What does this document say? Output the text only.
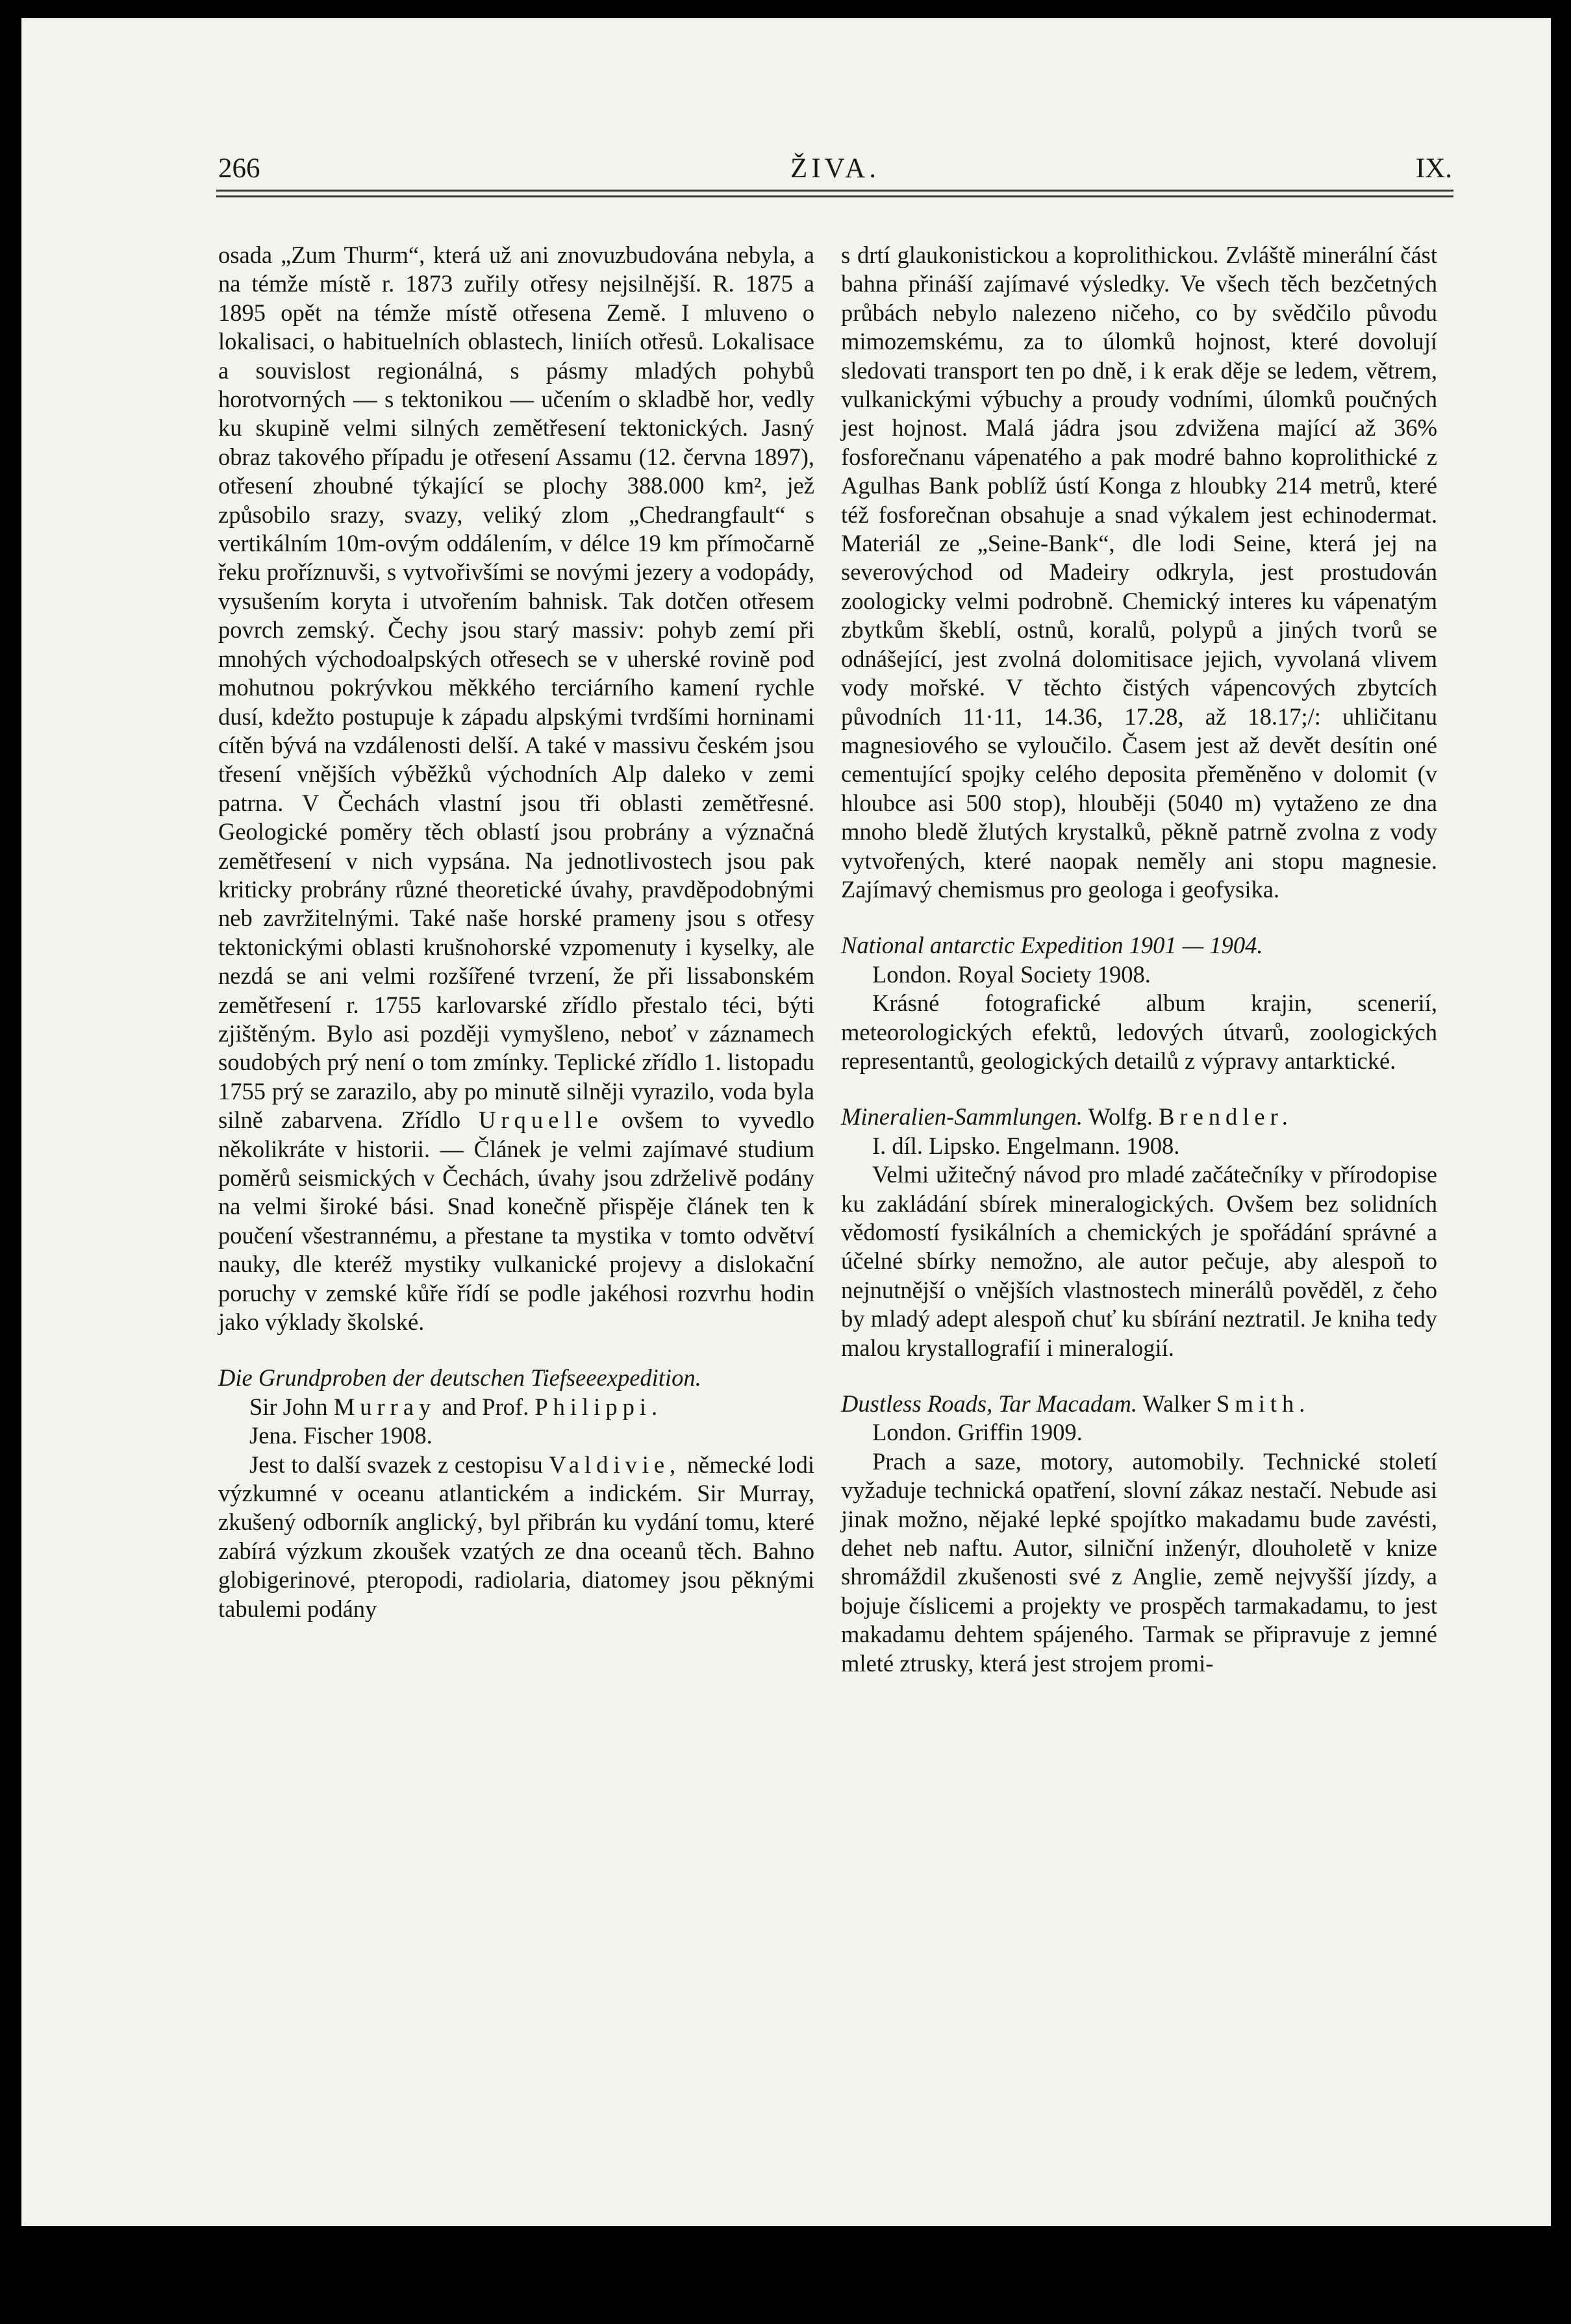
266	ŽIVA.	IX.

osada „Zum Thurm“, která už ani znovuzbudována nebyla, a na témže místě r. 1873 zuřily otřesy nejsilnější. R. 1875 a 1895 opět na témže místě otřesena Země. I mluveno o lokalisaci, o habituelních oblastech, liniích otřesů. Lokalisace a souvislost regionálná, s pásmy mladých pohybů horotvorných — s tektonikou — učením o skladbě hor, vedly ku skupině velmi silných zemětřesení tektonických. Jasný obraz takového případu je otřesení Assamu (12. června 1897), otřesení zhoubné týkající se plochy 388.000 km², jež způsobilo srazy, svazy, veliký zlom „Chedrangfault“ s vertikálním 10m-ovým oddálením, v délce 19 km přímočarně řeku proříznuvši, s vytvořivšími se novými jezery a vodopády, vysušením koryta i utvořením bahnisk. Tak dotčen otřesem povrch zemský. Čechy jsou starý massiv: pohyb zemí při mnohých východoalpských otřesech se v uherské rovině pod mohutnou pokrývkou měkkého terciárního kamení rychle dusí, kdežto postupuje k západu alpskými tvrdšími horninami cítěn bývá na vzdálenosti delší. A také v massivu českém jsou třesení vnějších výběžků východních Alp daleko v zemi patrna. V Čechách vlastní jsou tři oblasti zemětřesné. Geologické poměry těch oblastí jsou probrány a význačná zemětřesení v nich vypsána. Na jednotlivostech jsou pak kriticky probrány různé theoretické úvahy, pravděpodobnými neb zavržitelnými. Také naše horské prameny jsou s otřesy tektonickými oblasti krušnohorské vzpomenuty i kyselky, ale nezdá se ani velmi rozšířené tvrzení, že při lissabonském zemětřesení r. 1755 karlovarské zřídlo přestalo téci, býti zjištěným. Bylo asi později vymyšleno, neboť v záznamech soudobých prý není o tom zmínky. Teplické zřídlo 1. listopadu 1755 prý se zarazilo, aby po minutě silněji vyrazilo, voda byla silně zabarvena. Zřídlo Urquelle ovšem to vyvedlo několikráte v historii. — Článek je velmi zajímavé studium poměrů seismických v Čechách, úvahy jsou zdrželivě podány na velmi široké bási. Snad konečně přispěje článek ten k poučení všestrannému, a přestane ta mystika v tomto odvětví nauky, dle kteréž mystiky vulkanické projevy a dislokační poruchy v zemské kůře řídí se podle jakéhosi rozvrhu hodin jako výklady školské.

Die Grundproben der deutschen Tiefseeexpedition.

Sir John Murray and Prof. Philippi.

Jena. Fischer 1908.

Jest to další svazek z cestopisu Valdivie, německé lodi výzkumné v oceanu atlantickém a indickém. Sir Murray, zkušený odborník anglický, byl přibrán ku vydání tomu, které zabírá výzkum zkoušek vzatých ze dna oceanů těch. Bahno globigerinové, pteropodi, radiolaria, diatomey jsou pěknými tabulemi podány

s drtí glaukonistickou a koprolithickou. Zvláště minerální část bahna přináší zajímavé výsledky. Ve všech těch bezčetných průbách nebylo nalezeno ničeho, co by svědčilo původu mimozemskému, za to úlomků hojnost, které dovolují sledovati transport ten po dně, i k erak děje se ledem, větrem, vulkanickými výbuchy a proudy vodními, úlomků poučných jest hojnost. Malá jádra jsou zdvižena mající až 36% fosforečnanu vápenatého a pak modré bahno koprolithické z Agulhas Bank poblíž ústí Konga z hloubky 214 metrů, které též fosforečnan obsahuje a snad výkalem jest echinodermat. Materiál ze „Seine-Bank“, dle lodi Seine, která jej na severovýchod od Madeiry odkryla, jest prostudován zoologicky velmi podrobně. Chemický interes ku vápenatým zbytkům škeblí, ostnů, koralů, polypů a jiných tvorů se odnášející, jest zvolná dolomitisace jejich, vyvolaná vlivem vody mořské. V těchto čistých vápencových zbytcích původních 11·11, 14.36, 17.28, až 18.17;/: uhličitanu magnesiového se vyloučilo. Časem jest až devět desítin oné cementující spojky celého deposita přeměněno v dolomit (v hloubce asi 500 stop), hlouběji (5040 m) vytaženo ze dna mnoho bledě žlutých krystalků, pěkně patrně zvolna z vody vytvořených, které naopak neměly ani stopu magnesie. Zajímavý chemismus pro geologa i geofysika.

National antarctic Expedition 1901 — 1904.

London. Royal Society 1908.

Krásné fotografické album krajin, scenerií, meteorologických efektů, ledových útvarů, zoologických representantů, geologických detailů z výpravy antarktické.

Mineralien-Sammlungen. Wolfg. Brendler.

I. díl. Lipsko. Engelmann. 1908.

Velmi užitečný návod pro mladé začátečníky v přírodopise ku zakládání sbírek mineralogických. Ovšem bez solidních vědomostí fysikálních a chemických je spořádání správné a účelné sbírky nemožno, ale autor pečuje, aby alespoň to nejnutnější o vnějších vlastnostech minerálů pověděl, z čeho by mladý adept alespoň chuť ku sbírání neztratil. Je kniha tedy malou krystallografií i mineralogií.

Dustless Roads, Tar Macadam. Walker Smith.

London. Griffin 1909.

Prach a saze, motory, automobily. Technické století vyžaduje technická opatření, slovní zákaz nestačí. Nebude asi jinak možno, nějaké lepké spojítko makadamu bude zavésti, dehet neb naftu. Autor, silniční inženýr, dlouholetě v knize shromáždil zkušenosti své z Anglie, země nejvyšší jízdy, a bojuje číslicemi a projekty ve prospěch tarmakadamu, to jest makadamu dehtem spájeného. Tarmak se připravuje z jemné mleté ztrusky, která jest strojem promi-
